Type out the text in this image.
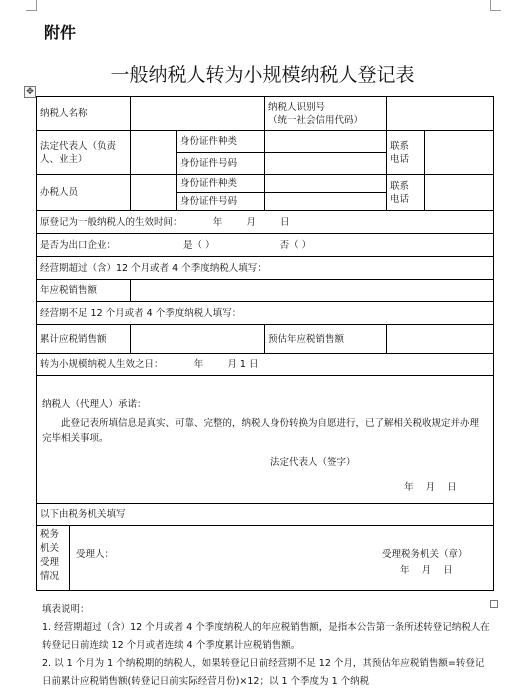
附件
一般纳税人转为小规模纳税人登记表
✥
纳税人名称			纳税人识别号
（统一社会信用代码）		

法定代表人（负责人、业主）		身份证件种类		联系
电话	

		身份证件号码			
办税人员		身份证件种类		联系
电话	

		身份证件号码			
原登记为一般纳税人的生效时间：          年        月        日					
是否为出口企业： 是（ ） 否（ ）					
经营期超过（含）12 个月或者 4 个季度纳税人填写：					
年应税销售额					
经营期不足 12 个月或者 4 个季度纳税人填写：					
累计应税销售额			预估年应税销售额		
转为小规模纳税人生效之日：          年        月 1 日					

纳税人（代理人）承诺：
此登记表所填信息是真实、可靠、完整的，纳税人身份转换为自愿进行，已了解相关税收规定并办理完毕相关事项。
法定代表人（签字）
年    月    日					

以下由税务机关填写					

税务机关受理情况
受理人： 受理税务机关（章）
年    月    日					

填表说明：

1. 经营期超过（含）12 个月或者 4 个季度纳税人的年应税销售额，是指本公告第一条所述转登记纳税人在转登记日前连续 12 个月或者连续 4 个季度累计应税销售额。

2. 以 1 个月为 1 个纳税期的纳税人，如果转登记日前经营期不足 12 个月，其预估年应税销售额=转登记日前累计应税销售额(转登记日前实际经营月份)×12；以 1 个季度为 1 个纳税
